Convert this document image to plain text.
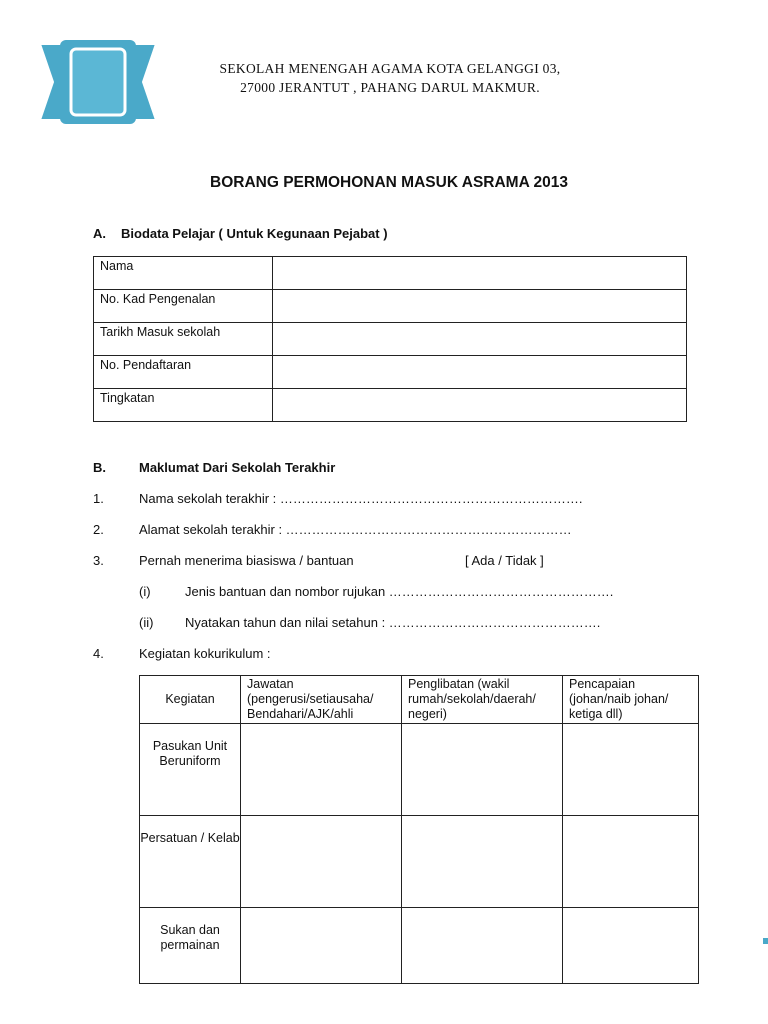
SEKOLAH MENENGAH AGAMA KOTA GELANGGI 03,
27000 JERANTUT , PAHANG DARUL MAKMUR.
BORANG PERMOHONAN MASUK ASRAMA 2013
A. Biodata Pelajar ( Untuk Kegunaan Pejabat )
Nama	
No. Kad Pengenalan	
Tarikh Masuk sekolah	
No. Pendaftaran	
Tingkatan	
B.	Maklumat Dari Sekolah Terakhir
1.	Nama sekolah terakhir : …………………………………………………………….
2.	Alamat sekolah terakhir : …………………………………………………………
3.	Pernah menerima biasiswa / bantuan	[ Ada / Tidak ]
(i)	Jenis bantuan dan nombor rujukan …………………………………………….
(ii) Nyatakan tahun dan nilai setahun : ………………………………………….
4.	Kegiatan kokurikulum :
Kegiatan	Jawatan (pengerusi/setiausaha/ Bendahari/AJK/ahli	Penglibatan (wakil rumah/sekolah/daerah/ negeri)	Pencapaian (johan/naib johan/ ketiga dll)
Pasukan Unit Beruniform			
Persatuan / Kelab			
Sukan dan permainan			
